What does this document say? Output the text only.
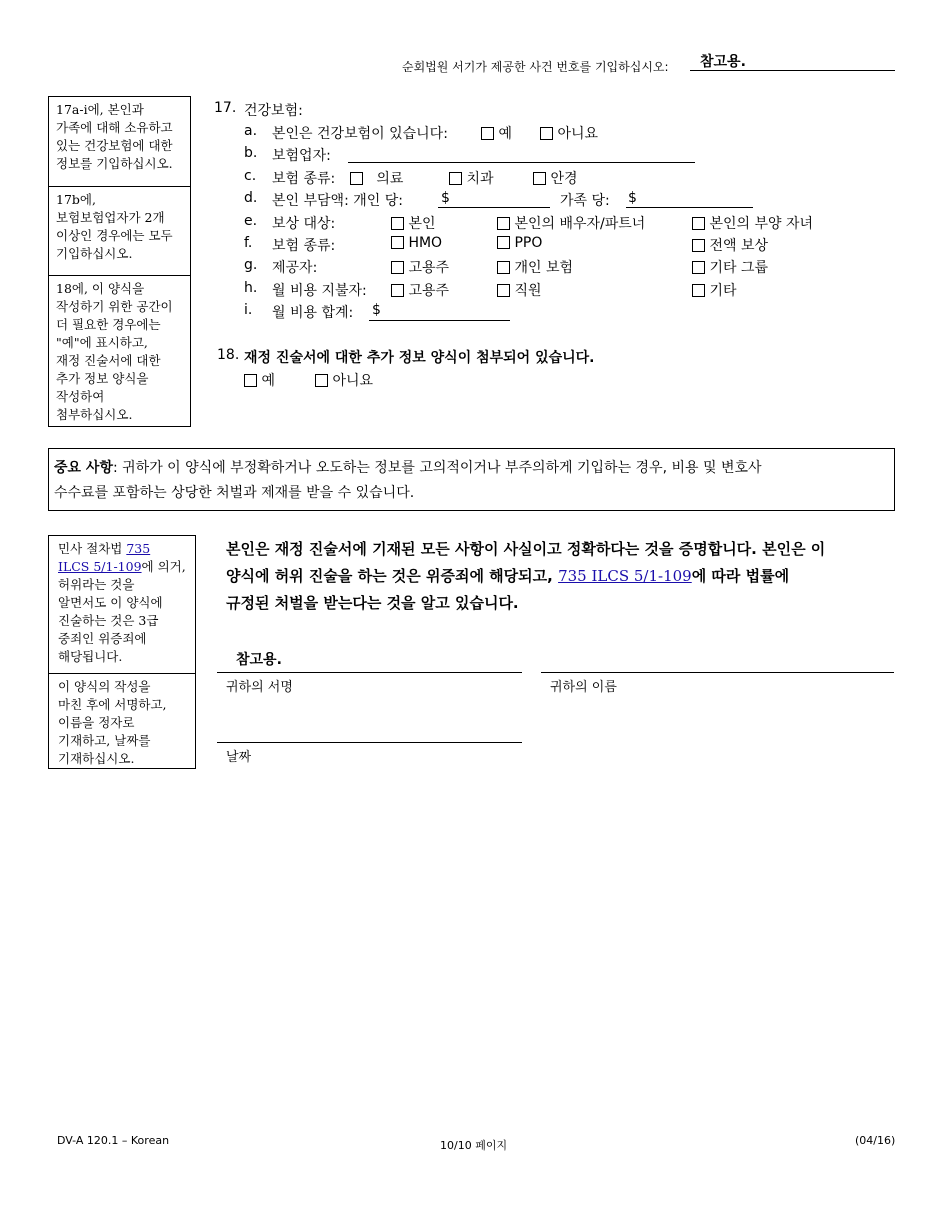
순회법원 서기가 제공한 사건 번호를 기입하십시오: 참고용.
17a-i에, 본인과
가족에 대해 소유하고
있는 건강보험에 대한
정보를 기입하십시오.
17b에,
보험보험업자가 2개
이상인 경우에는 모두
기입하십시오.
18에, 이 양식을
작성하기 위한 공간이
더 필요한 경우에는
"예"에 표시하고,
재정 진술서에 대한
추가 정보 양식을
작성하여
첨부하십시오.
17. 건강보험:
a. 본인은 건강보험이 있습니다:	예	아니요
b. 보험업자:
c. 보험 종류:	의료	치과	안경
d. 본인 부담액: 개인 당:	$	가족 당: $
e. 보상 대상:	본인	본인의 배우자/파트너	본인의 부양 자녀
f. 보험 종류:	HMO	PPO	전액 보상
g. 제공자:	고용주	개인 보험	기타 그룹
h. 월 비용 지불자:	고용주	직원	기타
i. 월 비용 합계: $
18. 재정 진술서에 대한 추가 정보 양식이 첨부되어 있습니다.
예	아니요
중요 사항: 귀하가 이 양식에 부정확하거나 오도하는 정보를 고의적이거나 부주의하게 기입하는 경우, 비용 및 변호사
수수료를 포함하는 상당한 처벌과 제재를 받을 수 있습니다.
민사 절차법 735
ILCS 5/1-109에 의거,
허위라는 것을
알면서도 이 양식에
진술하는 것은 3급
중죄인 위증죄에
해당됩니다.
이 양식의 작성을
마친 후에 서명하고,
이름을 정자로
기재하고, 날짜를
기재하십시오.
본인은 재정 진술서에 기재된 모든 사항이 사실이고 정확하다는 것을 증명합니다. 본인은 이
양식에 허위 진술을 하는 것은 위증죄에 해당되고, 735 ILCS 5/1-109에 따라 법률에
규정된 처벌을 받는다는 것을 알고 있습니다.
참고용.
귀하의 서명	귀하의 이름
날짜
DV-A 120.1 – Korean	10/10 페이지	(04/16)
